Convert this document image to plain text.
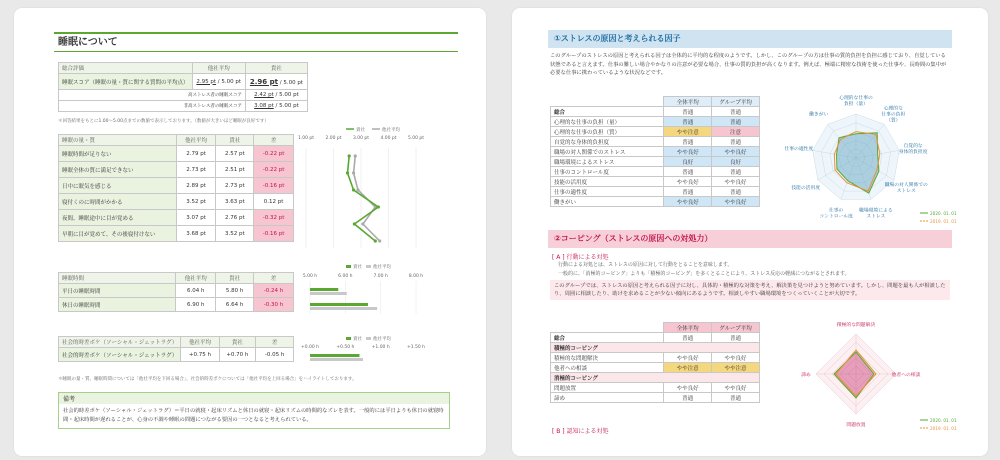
睡眠について
総合評価	他社平均	貴社
睡眠スコア（睡眠の量・質に関する質問の平均点）	2.95 pt / 5.00 pt	2.96 pt / 5.00 pt
高ストレス者の睡眠スコア		2.42 pt / 5.00 pt
非高ストレス者の睡眠スコア		3.08 pt / 5.00 pt
＊回答結果をもとに1.00〜5.00点までの数値で表示しております。（数値が大きいほど睡眠が良好です）
睡眠の量・質	他社平均	貴社	差
睡眠時間が足りない	2.79 pt	2.57 pt	-0.22 pt
睡眠全体の質に満足できない	2.73 pt	2.51 pt	-0.22 pt
日中に眠気を感じる	2.89 pt	2.73 pt	-0.16 pt
寝付くのに時間がかかる	3.52 pt	3.63 pt	0.12 pt
夜間、睡眠途中に目が覚める	3.07 pt	2.76 pt	-0.32 pt
早朝に目が覚めて、その後寝付けない	3.68 pt	3.52 pt	-0.16 pt
貴社	他社平均
1.00 pt	2.00 pt	3.00 pt	4.00 pt	5.00 pt
睡眠時間	他社平均	貴社	差
平日の睡眠時間	6.04 h	5.80 h	-0.24 h
休日の睡眠時間	6.90 h	6.64 h	-0.30 h
貴社 他社平均
5.00 h	6.00 h	7.00 h	8.00 h
社会的時差ボケ（ソーシャル・ジェットラグ）	他社平均	貴社	差
社会的時差ボケ（ソーシャル・ジェットラグ）	+0.75 h	+0.70 h	-0.05 h
貴社 他社平均
+0.00 h	+0.50 h	+1.00 h	+1.50 h
＊睡眠の量・質、睡眠時間については「他社平均を下回る場合」、社会的時差ボケについては「他社平均を上回る場合」をハイライトしております。
備考
社会的時差ボケ（ソーシャル・ジェットラグ）＝平日の就寝・起床リズムと休日の就寝・起床リズムの時間的なズレを表す。一般的には平日よりも休日の就寝時間・起床時間が遅れることが、心身の不調や睡眠の問題につながる要因の一つとなると考えられている。
①ストレスの原因と考えられる因子
このグループのストレスの原因と考えられる因子は全体的に平均的な程度のようです。しかし、このグループの方は仕事の質的負担を負担に感じており、自覚している状態であると言えます。仕事の難しい場合やかなりの注意が必要な場合、仕事の質的負担が高くなります。例えば、極端に精密な技術を使った仕事や、長時間の集中が必要な仕事に携わっているような状況などです。
	全体平均	グループ平均
総合	普通	普通
心理的な仕事の負担（量）	普通	普通
心理的な仕事の負担（質）	やや注意	注意
自覚的な身体的負担度	普通	普通
職場の対人関係でのストレス	やや良好	やや良好
職場環境によるストレス	良好	良好
仕事のコントロール度	普通	普通
技能の活用度	やや良好	やや良好
仕事の適性度	普通	普通
働きがい	やや良好	やや良好
心理的な仕事の
負担（量）
心理的な
仕事の負担
（質）
自覚的な
身体的負担度
職場の対人関係での
ストレス
職場環境による
ストレス
仕事の
コントロール度
技能の活用度
仕事の適性度
働きがい
2020. 01. 01
2019. 01. 01
②コーピング（ストレスの原因への対処力）
[ A ] 行動による対処
行動による対処とは、ストレスの原因に対して行動をとることを意味します。
一般的に、「消極的コーピング」よりも「積極的コーピング」を多くとることにより、ストレス反応の軽減につながるとされます。
このグループでは、ストレスの原因と考えられる因子に対し、具体的・積極的な対策を考え、解決策を見つけようと努めています。しかし、問題を最も人が相談したり、周囲に相談したり、助けを求めることが少ない傾向にあるようです。相談しやすい職場環境をつくっていくことが大切です。
	全体平均	グループ平均
総合	普通	普通
積極的コーピング		
積極的な問題解決	やや良好	やや良好
他者への相談	やや注意	やや注意
消極的コーピング		
問題放置	やや良好	やや良好
諦め	普通	普通
積極的な問題解決
他者への相談
問題放置
諦め
2020. 01. 01
2019. 01. 01
[ B ] 認知による対処
